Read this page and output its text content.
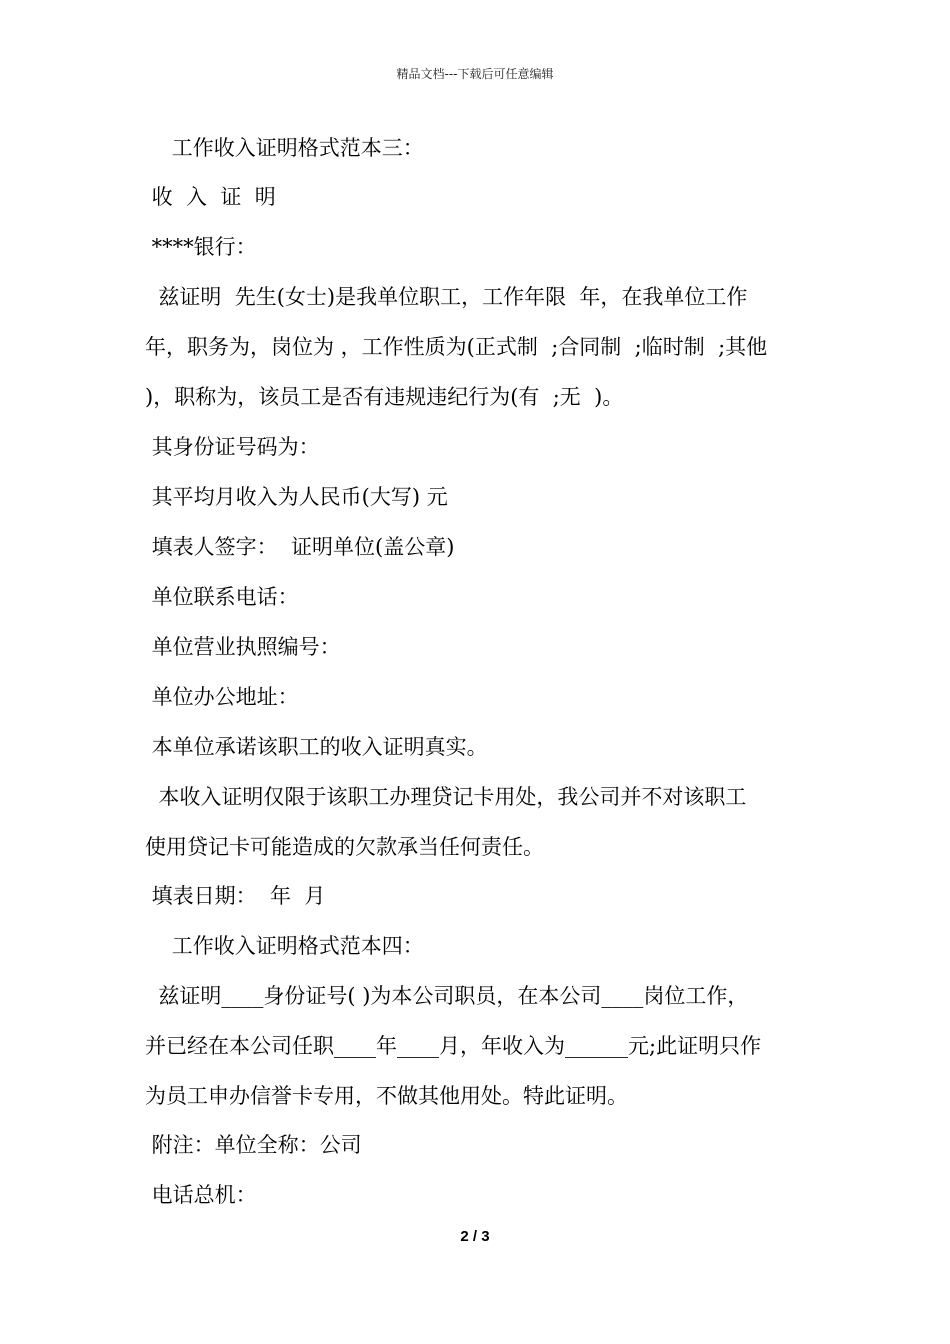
精品文档---下载后可任意编辑
工作收入证明格式范本三：
收  入  证  明
****银行：
兹证明  先生(女士)是我单位职工，工作年限  年，在我单位工作
年，职务为，岗位为 ，工作性质为(正式制  ;合同制  ;临时制  ;其他
)，职称为，该员工是否有违规违纪行为(有  ;无  )。
其身份证号码为：
其平均月收入为人民币(大写) 元
填表人签字：  证明单位(盖公章)
单位联系电话：
单位营业执照编号：
单位办公地址：
本单位承诺该职工的收入证明真实。
本收入证明仅限于该职工办理贷记卡用处，我公司并不对该职工
使用贷记卡可能造成的欠款承当任何责任。
填表日期：  年  月
工作收入证明格式范本四：
兹证明____身份证号( )为本公司职员，在本公司____岗位工作，
并已经在本公司任职____年____月，年收入为______元;此证明只作
为员工申办信誉卡专用，不做其他用处。特此证明。
附注：单位全称：公司
电话总机：
2 / 3
